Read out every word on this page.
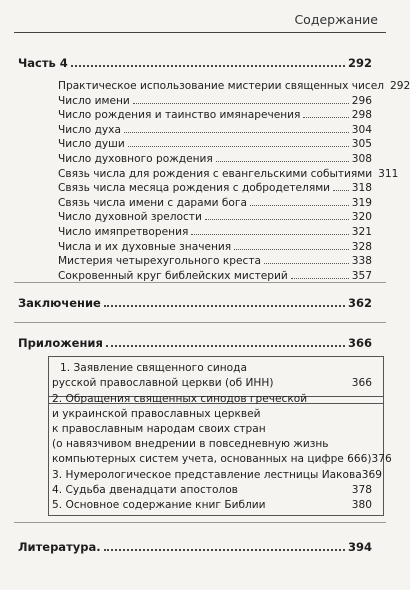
Содержание

Часть 4	292
Практическое использование мистерии священных чисел 292
Число имени	296
Число рождения и таинство имянаречения	298
Число духа	304
Число души	305
Число духовного рождения	308
Связь числа для рождения с евангельскими событиями 311
Связь числа месяца рождения с добродетелями 318
Связь числа имени с дарами бога	319
Число духовной зрелости	320
Число имяпретворения	321
Числа и их духовные значения	328
Мистерия четырехугольного креста	338
Сокровенный круг библейских мистерий	357
Заключение	362
Приложения	366
1. Заявление священного синода
русской православной церкви (об ИНН)	366
2. Обращения священных синодов греческой
и украинской православных церквей
к православным народам своих стран
(о навязчивом внедрении в повседневную жизнь
компьютерных систем учета, основанных на цифре 666) 376
3. Нумерологическое представление лестницы Иакова 369
4. Судьба двенадцати апостолов	378
5. Основное содержание книг Библии	380
Литература.	394
